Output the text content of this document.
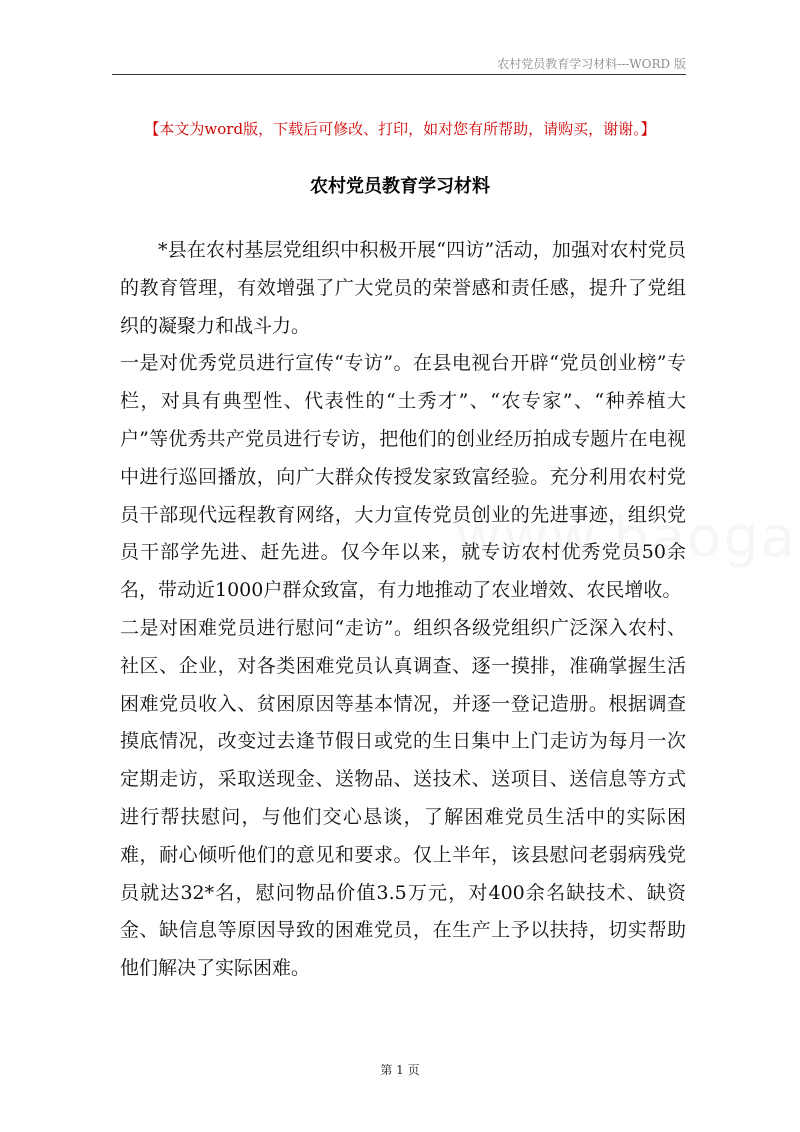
农村党员教育学习材料---WORD 版
【本文为word版，下载后可修改、打印，如对您有所帮助，请购买，谢谢。】
农村党员教育学习材料

*县在农村基层党组织中积极开展“四访”活动，加强对农村党员的教育管理，有效增强了广大党员的荣誉感和责任感，提升了党组织的凝聚力和战斗力。

一是对优秀党员进行宣传“专访”。在县电视台开辟“党员创业榜”专栏，对具有典型性、代表性的“土秀才”、“农专家”、“种养植大户”等优秀共产党员进行专访，把他们的创业经历拍成专题片在电视中进行巡回播放，向广大群众传授发家致富经验。充分利用农村党员干部现代远程教育网络，大力宣传党员创业的先进事迹，组织党员干部学先进、赶先进。仅今年以来，就专访农村优秀党员50余名，带动近1000户群众致富，有力地推动了农业增效、农民增收。

二是对困难党员进行慰问“走访”。组织各级党组织广泛深入农村、社区、企业，对各类困难党员认真调查、逐一摸排，准确掌握生活困难党员收入、贫困原因等基本情况，并逐一登记造册。根据调查摸底情况，改变过去逢节假日或党的生日集中上门走访为每月一次定期走访，采取送现金、送物品、送技术、送项目、送信息等方式进行帮扶慰问，与他们交心恳谈，了解困难党员生活中的实际困难，耐心倾听他们的意见和要求。仅上半年，该县慰问老弱病残党员就达32*名，慰问物品价值3.5万元，对400余名缺技术、缺资金、缺信息等原因导致的困难党员，在生产上予以扶持，切实帮助他们解决了实际困难。

第 1 页
